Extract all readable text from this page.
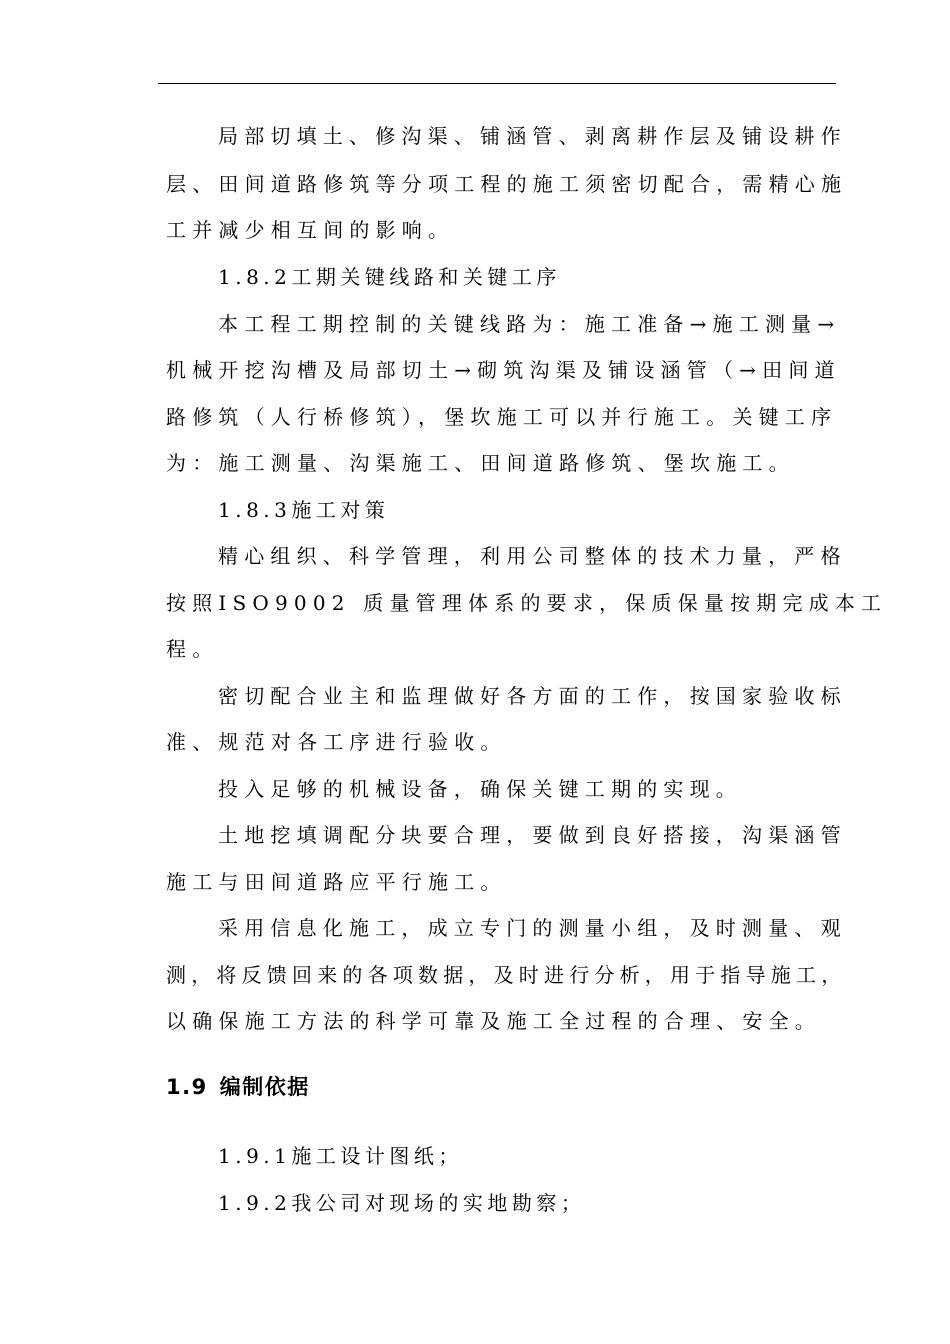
局部切填土、修沟渠、铺涵管、剥离耕作层及铺设耕作
层、田间道路修筑等分项工程的施工须密切配合，需精心施
工并减少相互间的影响。
1.8.2工期关键线路和关键工序
本工程工期控制的关键线路为：施工准备→施工测量→
机械开挖沟槽及局部切土→砌筑沟渠及铺设涵管（→田间道
路修筑（人行桥修筑），堡坎施工可以并行施工。关键工序
为：施工测量、沟渠施工、田间道路修筑、堡坎施工。
1.8.3施工对策
精心组织、科学管理，利用公司整体的技术力量，严格
按照ISO9002 质量管理体系的要求，保质保量按期完成本工
程。
密切配合业主和监理做好各方面的工作，按国家验收标
准、规范对各工序进行验收。
投入足够的机械设备，确保关键工期的实现。
土地挖填调配分块要合理，要做到良好搭接，沟渠涵管
施工与田间道路应平行施工。
采用信息化施工，成立专门的测量小组，及时测量、观
测，将反馈回来的各项数据，及时进行分析，用于指导施工，
以确保施工方法的科学可靠及施工全过程的合理、安全。
1.9 编制依据
1.9.1施工设计图纸；
1.9.2我公司对现场的实地勘察；
